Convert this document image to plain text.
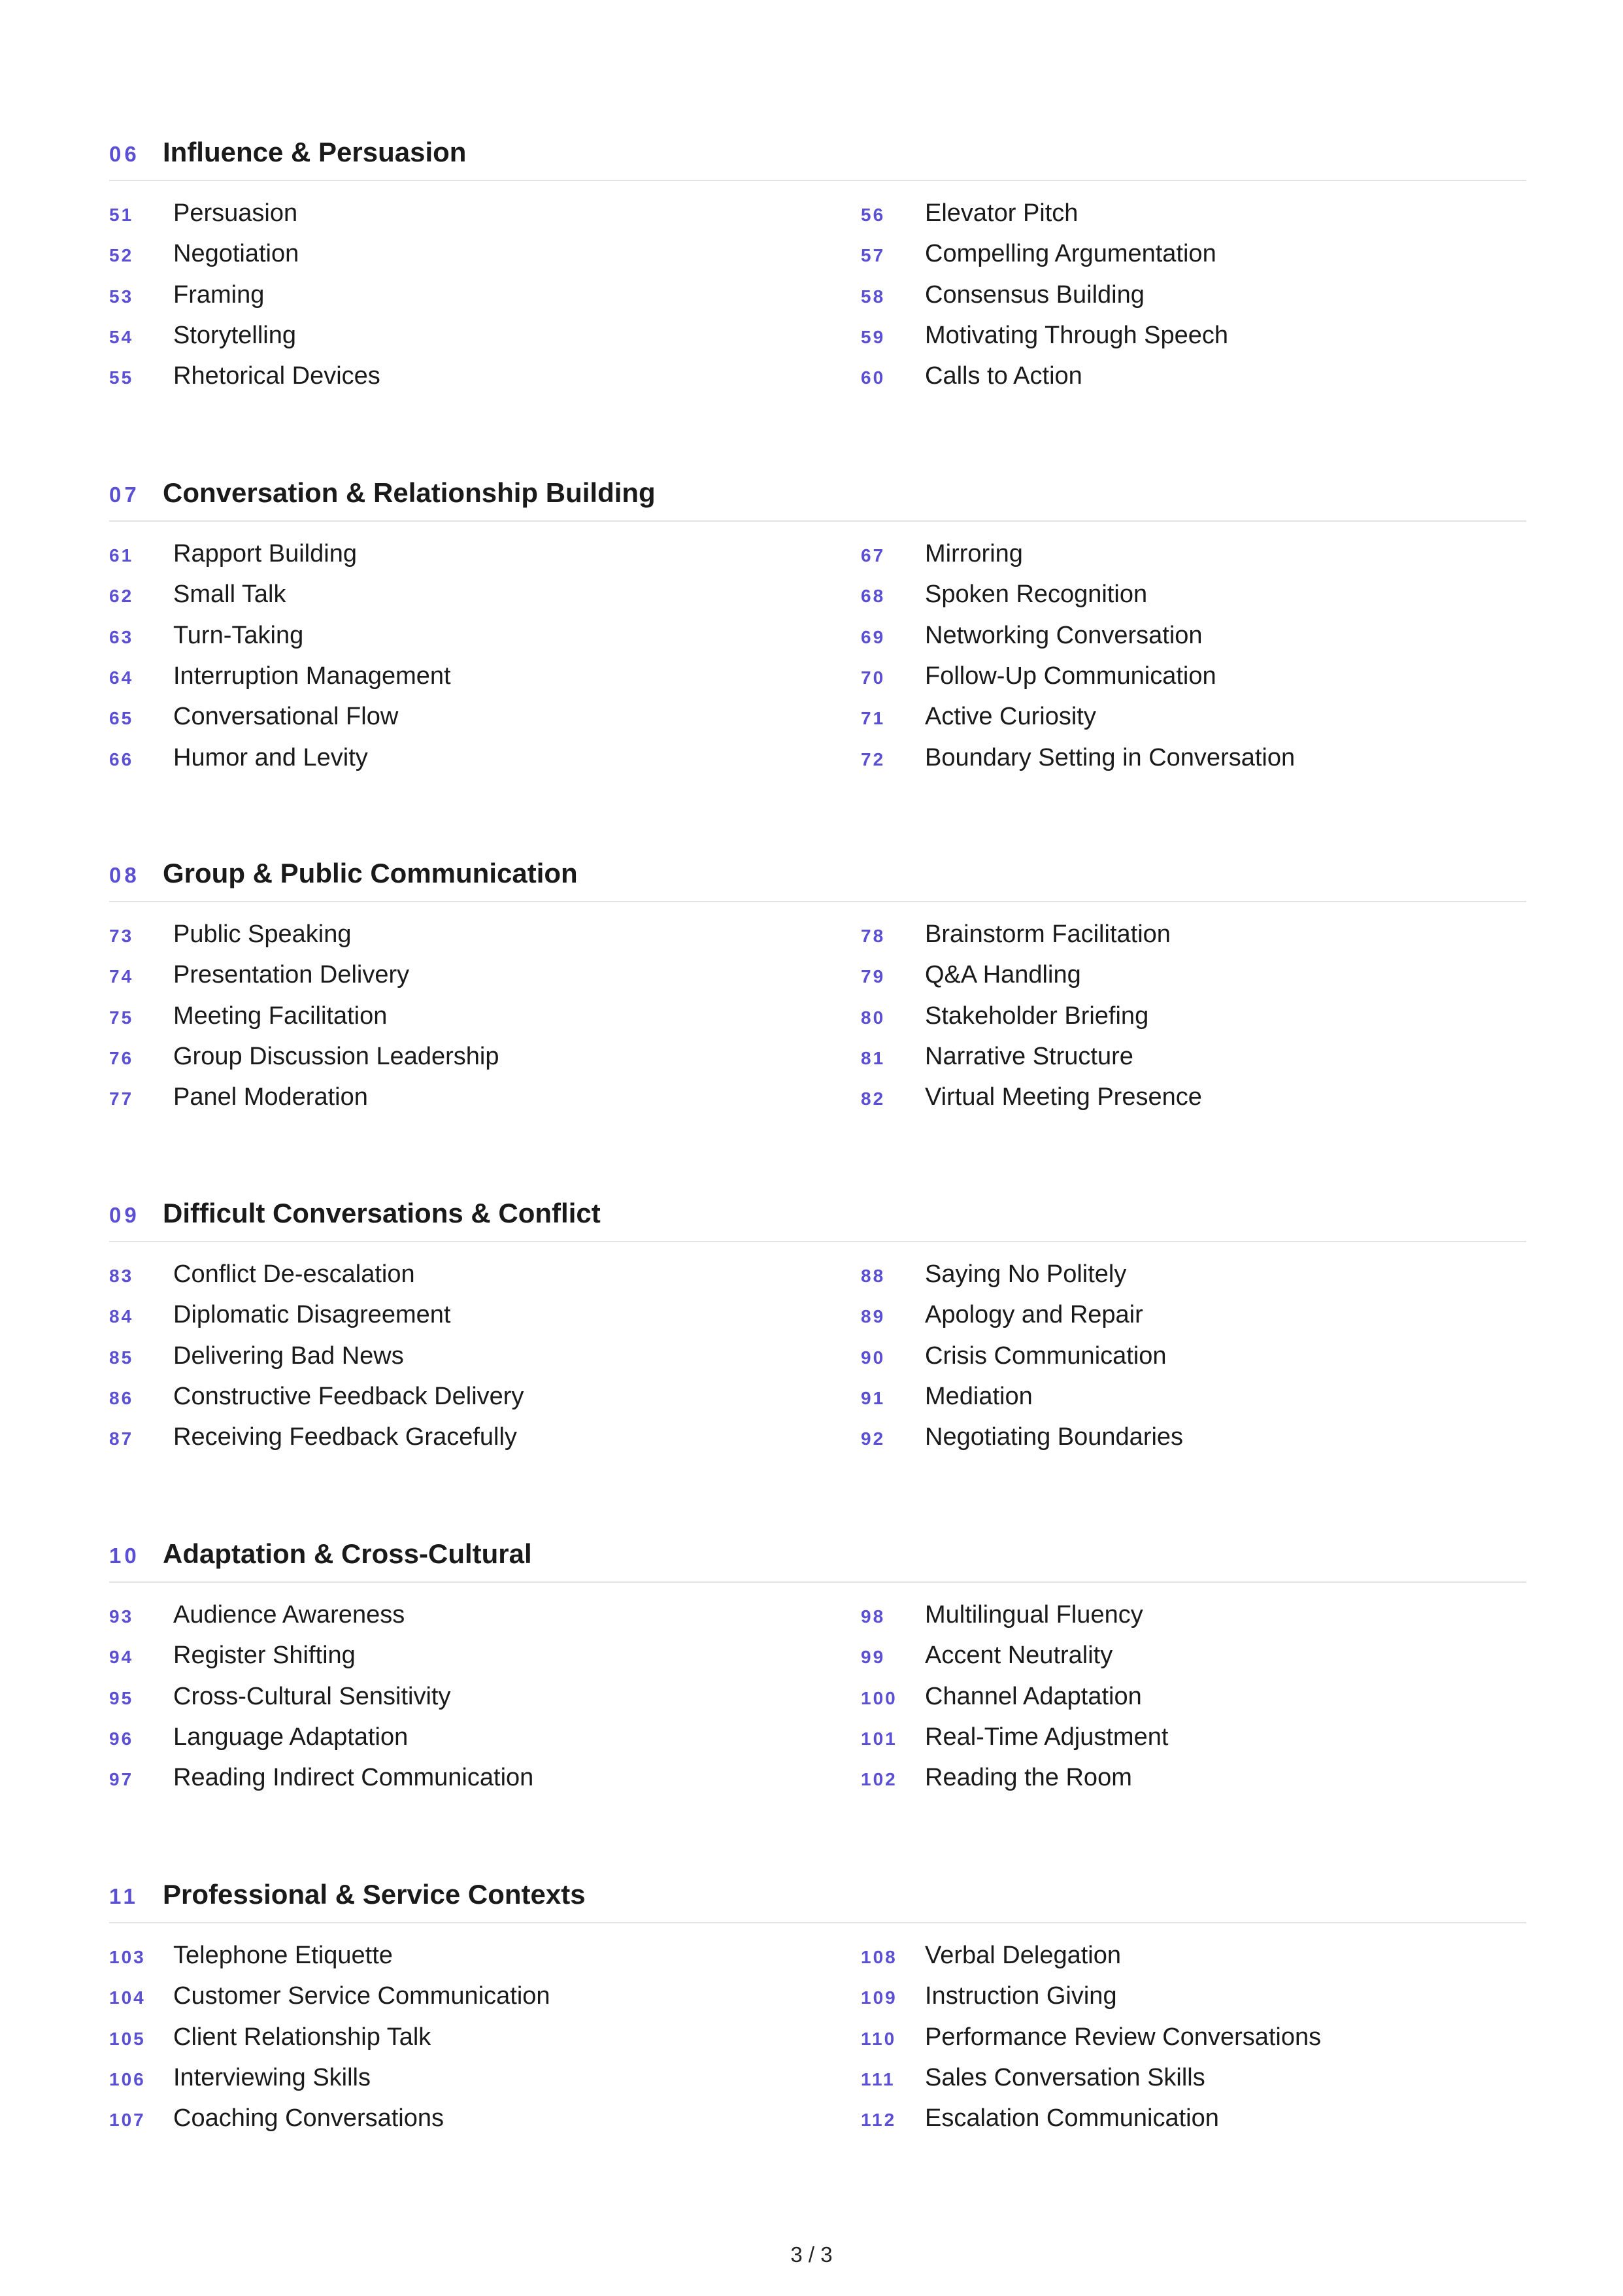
06 Influence & Persuasion
51 Persuasion
52 Negotiation
53 Framing
54 Storytelling
55 Rhetorical Devices
56 Elevator Pitch
57 Compelling Argumentation
58 Consensus Building
59 Motivating Through Speech
60 Calls to Action
07 Conversation & Relationship Building
61 Rapport Building
62 Small Talk
63 Turn-Taking
64 Interruption Management
65 Conversational Flow
66 Humor and Levity
67 Mirroring
68 Spoken Recognition
69 Networking Conversation
70 Follow-Up Communication
71 Active Curiosity
72 Boundary Setting in Conversation
08 Group & Public Communication
73 Public Speaking
74 Presentation Delivery
75 Meeting Facilitation
76 Group Discussion Leadership
77 Panel Moderation
78 Brainstorm Facilitation
79 Q&A Handling
80 Stakeholder Briefing
81 Narrative Structure
82 Virtual Meeting Presence
09 Difficult Conversations & Conflict
83 Conflict De-escalation
84 Diplomatic Disagreement
85 Delivering Bad News
86 Constructive Feedback Delivery
87 Receiving Feedback Gracefully
88 Saying No Politely
89 Apology and Repair
90 Crisis Communication
91 Mediation
92 Negotiating Boundaries
10 Adaptation & Cross-Cultural
93 Audience Awareness
94 Register Shifting
95 Cross-Cultural Sensitivity
96 Language Adaptation
97 Reading Indirect Communication
98 Multilingual Fluency
99 Accent Neutrality
100 Channel Adaptation
101 Real-Time Adjustment
102 Reading the Room
11 Professional & Service Contexts
103 Telephone Etiquette
104 Customer Service Communication
105 Client Relationship Talk
106 Interviewing Skills
107 Coaching Conversations
108 Verbal Delegation
109 Instruction Giving
110 Performance Review Conversations
111 Sales Conversation Skills
112 Escalation Communication
3 / 3
